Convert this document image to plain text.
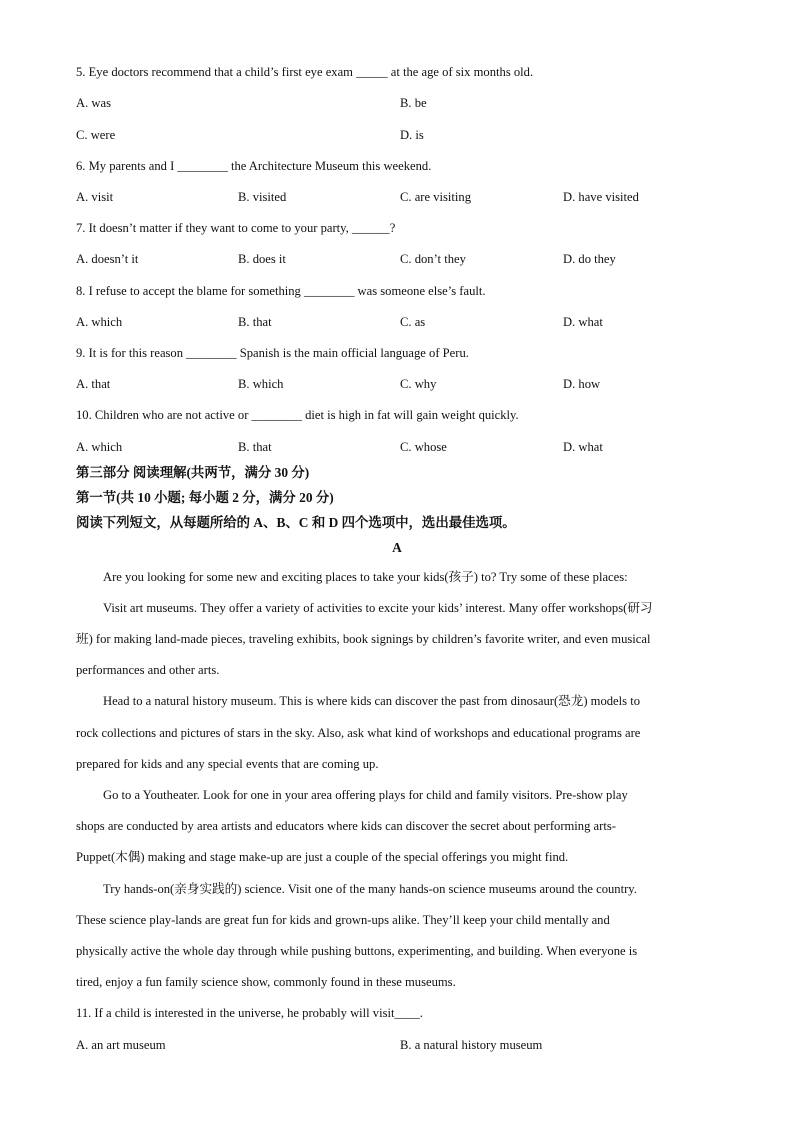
5. Eye doctors recommend that a child’s first eye exam _____ at the age of six months old.
A. was	B. be
C. were	D. is
6. My parents and I ________ the Architecture Museum this weekend.
A. visit	B. visited	C. are visiting	D. have visited
7. It doesn’t matter if they want to come to your party, ______?
A. doesn’t it	B. does it	C. don’t they	D. do they
8. I refuse to accept the blame for something ________ was someone else’s fault.
A. which	B. that	C. as	D. what
9. It is for this reason ________ Spanish is the main official language of Peru.
A. that	B. which	C. why	D. how
10. Children who are not active or ________ diet is high in fat will gain weight quickly.
A. which	B. that	C. whose	D. what
第三部分 阅读理解(共两节，满分 30 分)
第一节(共 10 小题; 每小题 2 分，满分 20 分)
阅读下列短文，从每题所给的 A、B、C 和 D 四个选项中，选出最佳选项。
A
Are you looking for some new and exciting places to take your kids(孩子) to? Try some of these places:
Visit art museums. They offer a variety of activities to excite your kids’ interest. Many offer workshops(研习
班) for making land-made pieces, traveling exhibits, book signings by children’s favorite writer, and even musical
performances and other arts.
Head to a natural history museum. This is where kids can discover the past from dinosaur(恐龙) models to
rock collections and pictures of stars in the sky. Also, ask what kind of workshops and educational programs are
prepared for kids and any special events that are coming up.
Go to a Youtheater. Look for one in your area offering plays for child and family visitors. Pre-show play
shops are conducted by area artists and educators where kids can discover the secret about performing arts-
Puppet(木偶) making and stage make-up are just a couple of the special offerings you might find.
Try hands-on(亲身实践的) science. Visit one of the many hands-on science museums around the country.
These science play-lands are great fun for kids and grown-ups alike. They’ll keep your child mentally and
physically active the whole day through while pushing buttons, experimenting, and building. When everyone is
tired, enjoy a fun family science show, commonly found in these museums.
11. If a child is interested in the universe, he probably will visit____.
A. an art museum	B. a natural history museum
